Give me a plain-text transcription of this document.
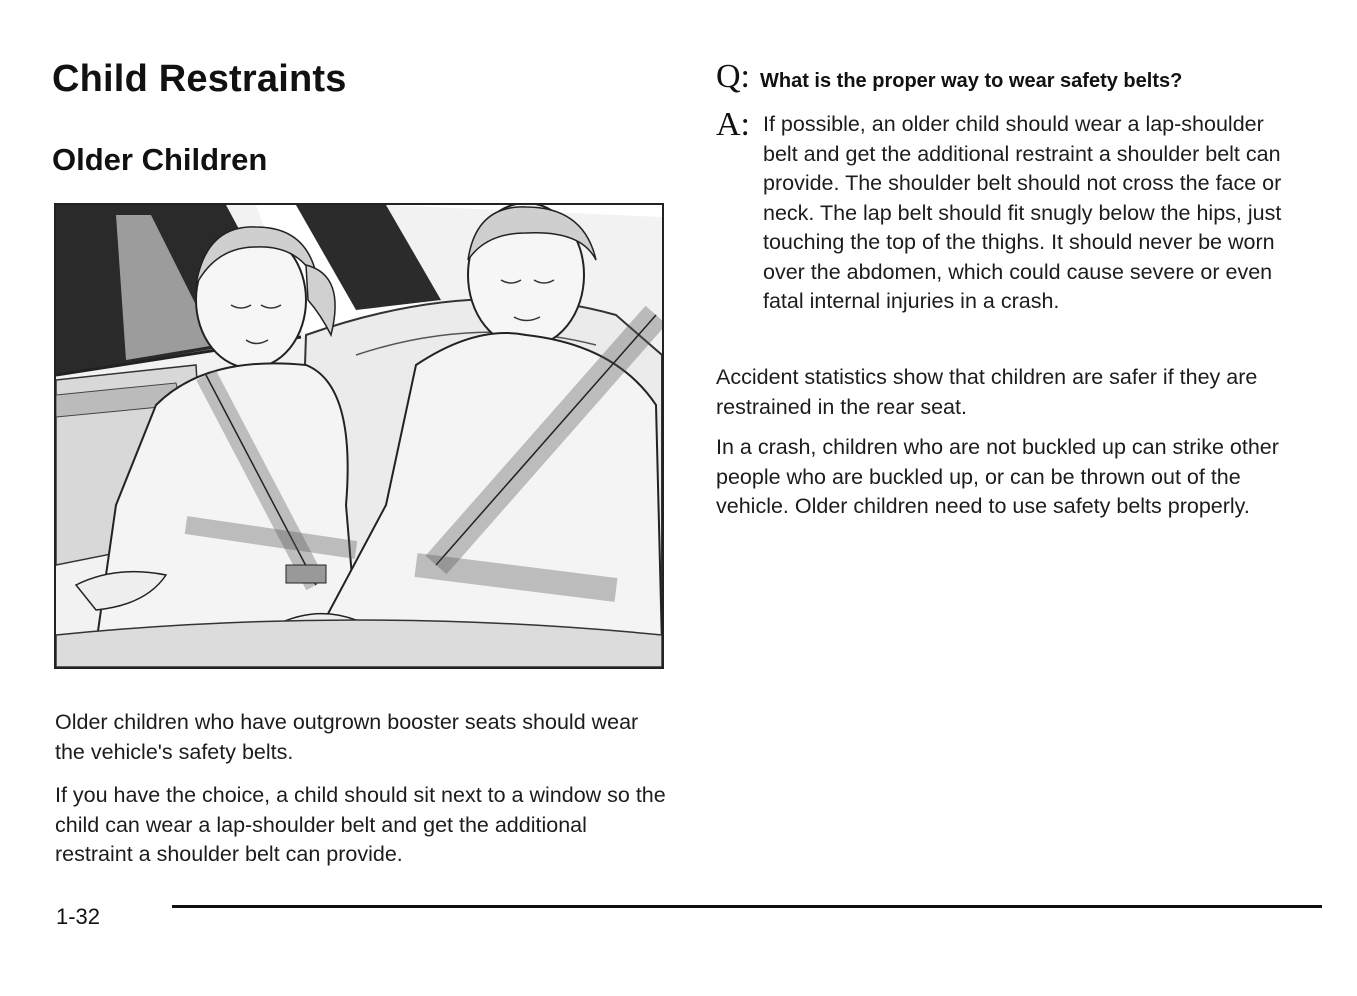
Child Restraints
Older Children

Older children who have outgrown booster seats should wear the vehicle's safety belts.

If you have the choice, a child should sit next to a window so the child can wear a lap-shoulder belt and get the additional restraint a shoulder belt can provide.

Q: What is the proper way to wear safety belts?
A: If possible, an older child should wear a lap-shoulder belt and get the additional restraint a shoulder belt can provide. The shoulder belt should not cross the face or neck. The lap belt should fit snugly below the hips, just touching the top of the thighs. It should never be worn over the abdomen, which could cause severe or even fatal internal injuries in a crash.

Accident statistics show that children are safer if they are restrained in the rear seat.

In a crash, children who are not buckled up can strike other people who are buckled up, or can be thrown out of the vehicle. Older children need to use safety belts properly.

1-32
